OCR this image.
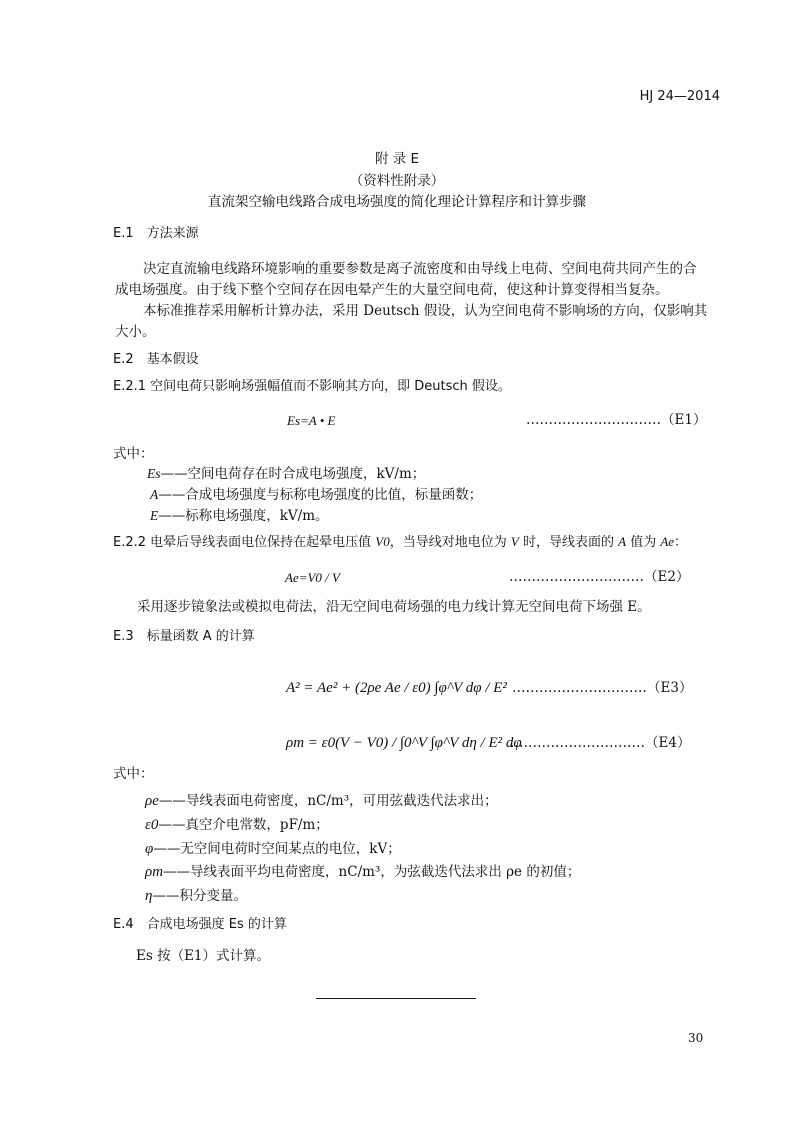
HJ 24—2014
附 录 E
（资料性附录）
直流架空输电线路合成电场强度的简化理论计算程序和计算步骤
E.1　方法来源
决定直流输电线路环境影响的重要参数是离子流密度和由导线上电荷、空间电荷共同产生的合
成电场强度。由于线下整个空间存在因电晕产生的大量空间电荷，使这种计算变得相当复杂。
本标准推荐采用解析计算办法，采用 Deutsch 假设，认为空间电荷不影响场的方向，仅影响其
大小。
E.2　基本假设
E.2.1 空间电荷只影响场强幅值而不影响其方向，即 Deutsch 假设。
Es=A • E	…………………………（E1）
式中：
Es——空间电荷存在时合成电场强度，kV/m；
A——合成电场强度与标称电场强度的比值，标量函数；
E——标称电场强度，kV/m。
E.2.2 电晕后导线表面电位保持在起晕电压值 V0，当导线对地电位为 V 时，导线表面的 A 值为 Ae：
Ae=V0 / V	…………………………（E2）
采用逐步镜象法或模拟电荷法，沿无空间电荷场强的电力线计算无空间电荷下场强 E。
E.3　标量函数 A 的计算
A² = Ae² + (2ρe Ae / ε0) ∫φ^V dφ / E² …………………………（E3）
ρm = ε0(V − V0) / ∫0^V ∫φ^V dη / E² dφ
…………………………（E4）
式中：
ρe——导线表面电荷密度，nC/m³，可用弦截迭代法求出；
ε0——真空介电常数，pF/m；
φ——无空间电荷时空间某点的电位，kV；
ρm——导线表面平均电荷密度，nC/m³，为弦截迭代法求出 ρe 的初值；
η——积分变量。
E.4　合成电场强度 Es 的计算
Es 按（E1）式计算。
30
